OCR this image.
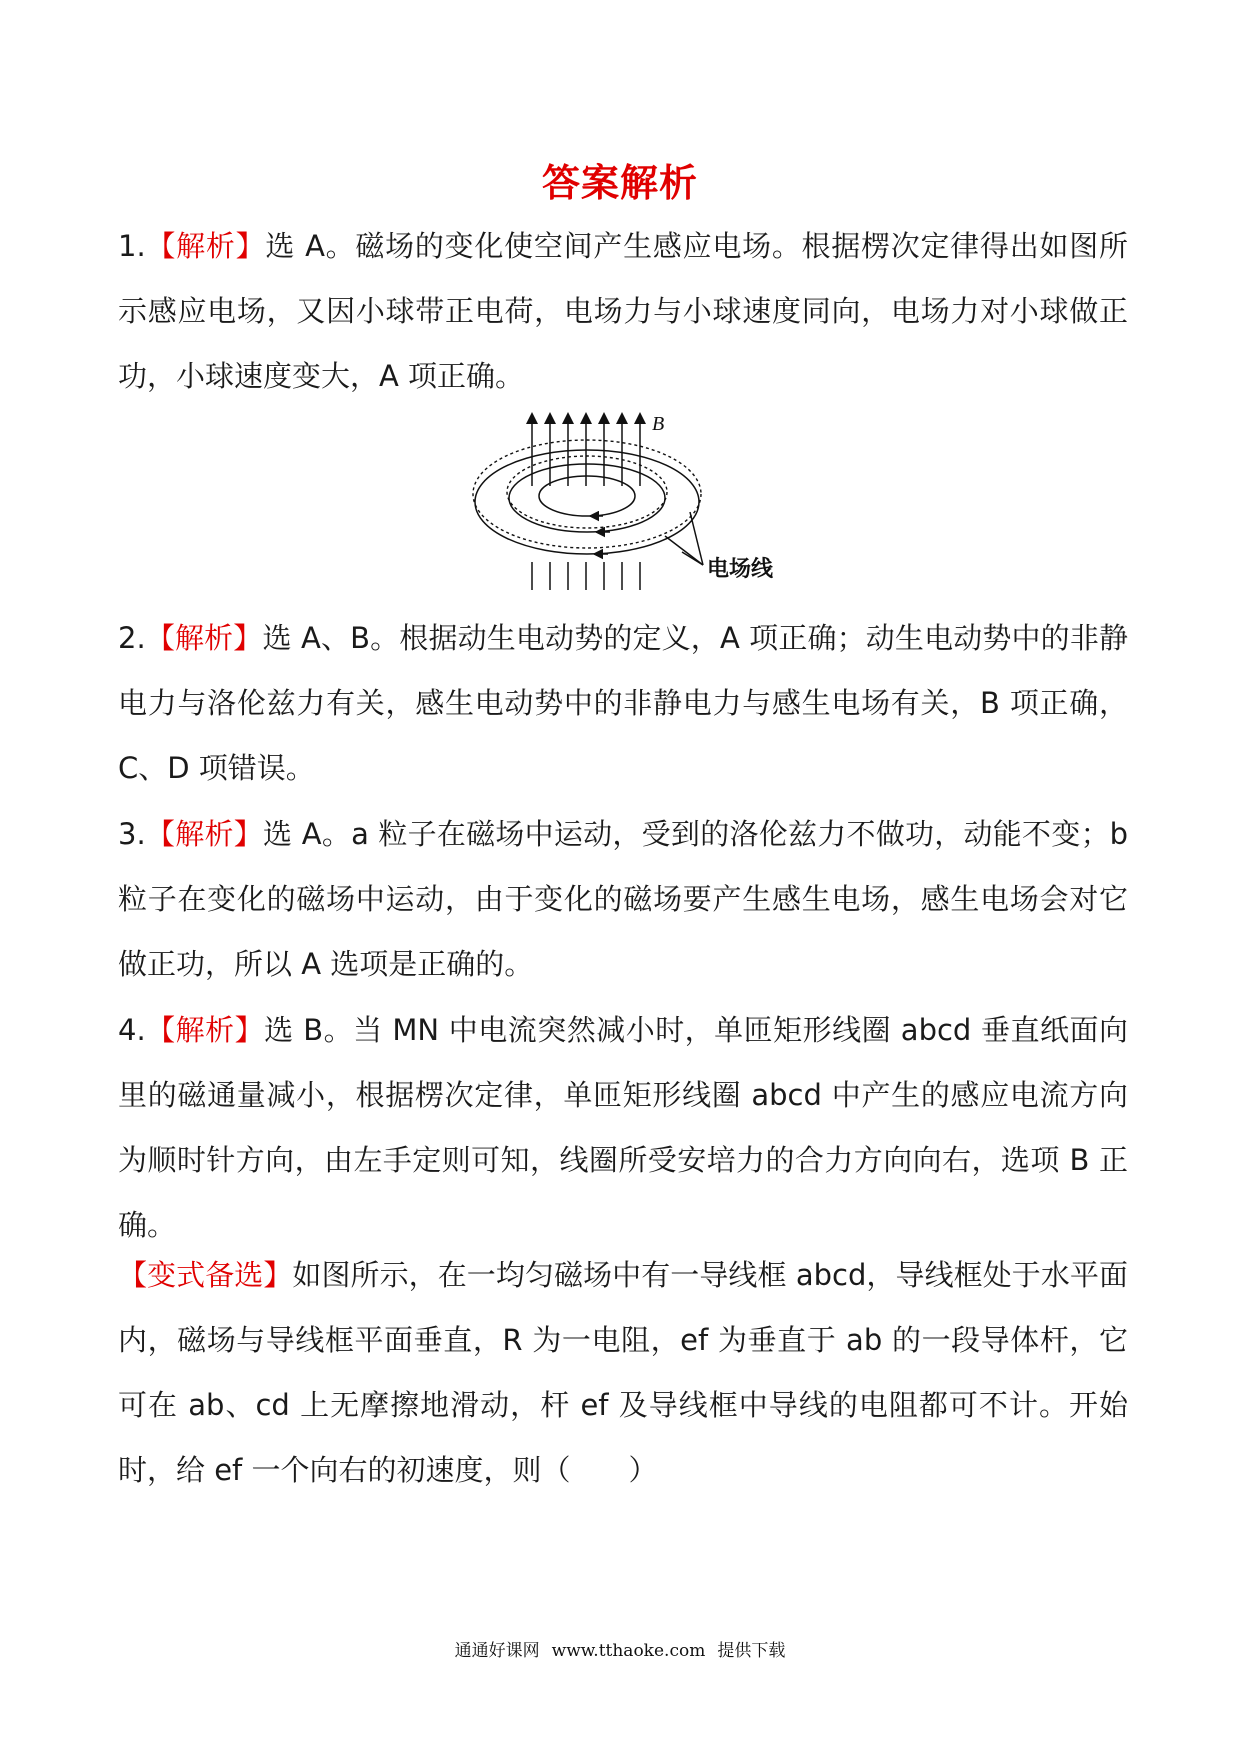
答案解析

1.【解析】选 A。磁场的变化使空间产生感应电场。根据楞次定律得出如图所示感应电场，又因小球带正电荷，电场力与小球速度同向，电场力对小球做正功，小球速度变大，A 项正确。

B
电场线

2.【解析】选 A、B。根据动生电动势的定义，A 项正确；动生电动势中的非静电力与洛伦兹力有关，感生电动势中的非静电力与感生电场有关，B 项正确，C、D 项错误。

3.【解析】选 A。a 粒子在磁场中运动，受到的洛伦兹力不做功，动能不变；b 粒子在变化的磁场中运动，由于变化的磁场要产生感生电场，感生电场会对它做正功，所以 A 选项是正确的。

4.【解析】选 B。当 MN 中电流突然减小时，单匝矩形线圈 abcd 垂直纸面向里的磁通量减小，根据楞次定律，单匝矩形线圈 abcd 中产生的感应电流方向为顺时针方向，由左手定则可知，线圈所受安培力的合力方向向右，选项 B 正确。

【变式备选】如图所示，在一均匀磁场中有一导线框 abcd，导线框处于水平面内，磁场与导线框平面垂直，R 为一电阻，ef 为垂直于 ab 的一段导体杆，它可在 ab、cd 上无摩擦地滑动，杆 ef 及导线框中导线的电阻都可不计。开始时，给 ef 一个向右的初速度，则（　　）

通通好课网 www.tthaoke.com 提供下载
